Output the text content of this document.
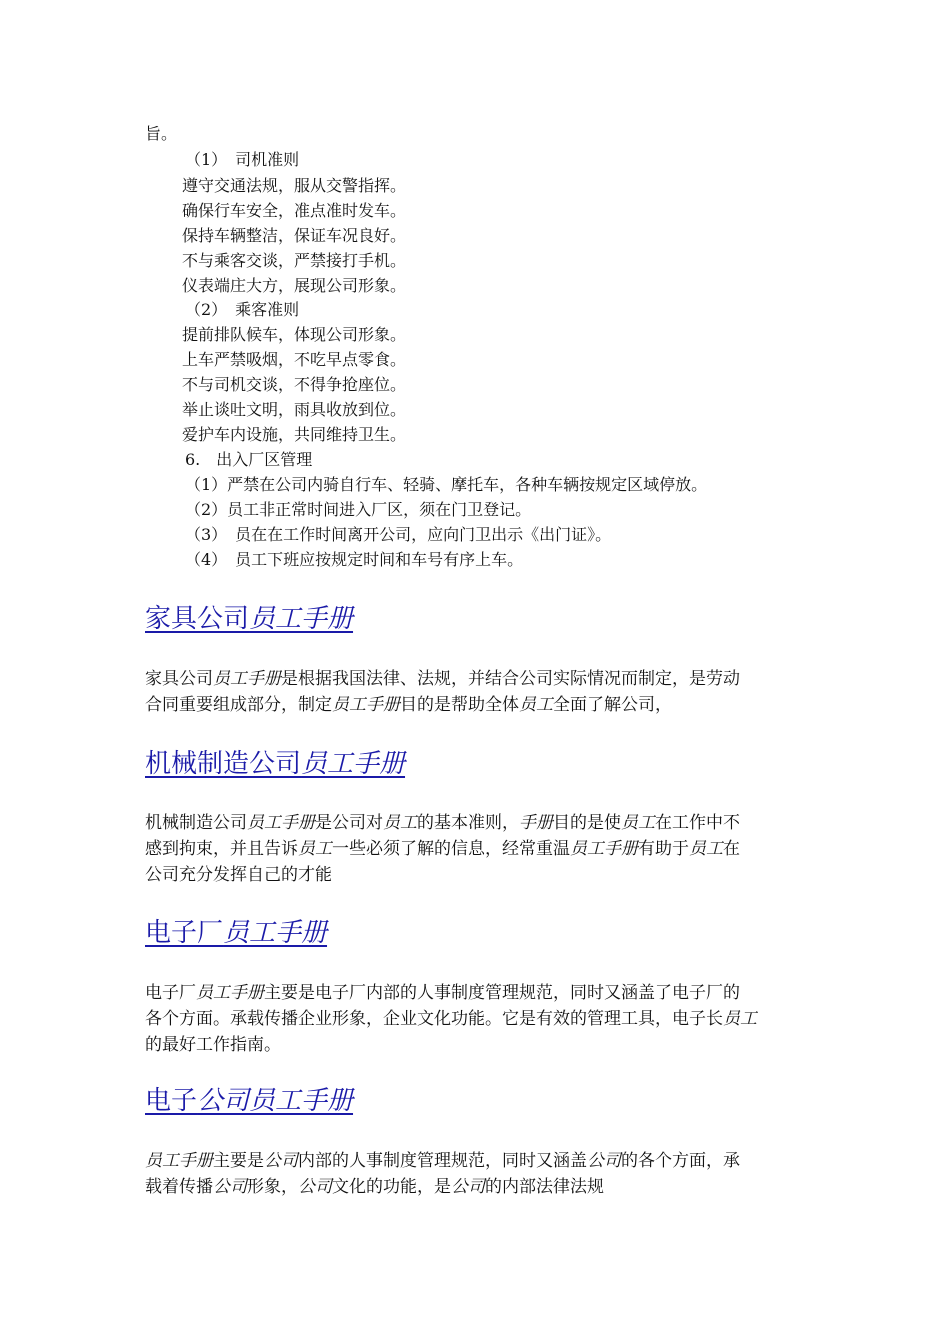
旨。
（1）　司机准则
遵守交通法规，服从交警指挥。
确保行车安全，准点准时发车。
保持车辆整洁，保证车况良好。
不与乘客交谈，严禁接打手机。
仪表端庄大方，展现公司形象。
（2）　乘客准则
提前排队候车，体现公司形象。
上车严禁吸烟，不吃早点零食。
不与司机交谈，不得争抢座位。
举止谈吐文明，雨具收放到位。
爱护车内设施，共同维持卫生。
6.　出入厂区管理
（1）严禁在公司内骑自行车、轻骑、摩托车，各种车辆按规定区域停放。
（2）员工非正常时间进入厂区，须在门卫登记。
（3）　员在在工作时间离开公司，应向门卫出示《出门证》。
（4）　员工下班应按规定时间和车号有序上车。
家具公司员工手册
家具公司员工手册是根据我国法律、法规，并结合公司实际情况而制定，是劳动
合同重要组成部分，制定员工手册目的是帮助全体员工全面了解公司，
机械制造公司员工手册
机械制造公司员工手册是公司对员工的基本准则，手册目的是使员工在工作中不
感到拘束，并且告诉员工一些必须了解的信息，经常重温员工手册有助于员工在
公司充分发挥自己的才能
电子厂员工手册
电子厂员工手册主要是电子厂内部的人事制度管理规范，同时又涵盖了电子厂的
各个方面。承载传播企业形象，企业文化功能。它是有效的管理工具，电子长员工
的最好工作指南。
电子公司员工手册
员工手册主要是公司内部的人事制度管理规范，同时又涵盖公司的各个方面，承
载着传播公司形象，公司文化的功能，是公司的内部法律法规
